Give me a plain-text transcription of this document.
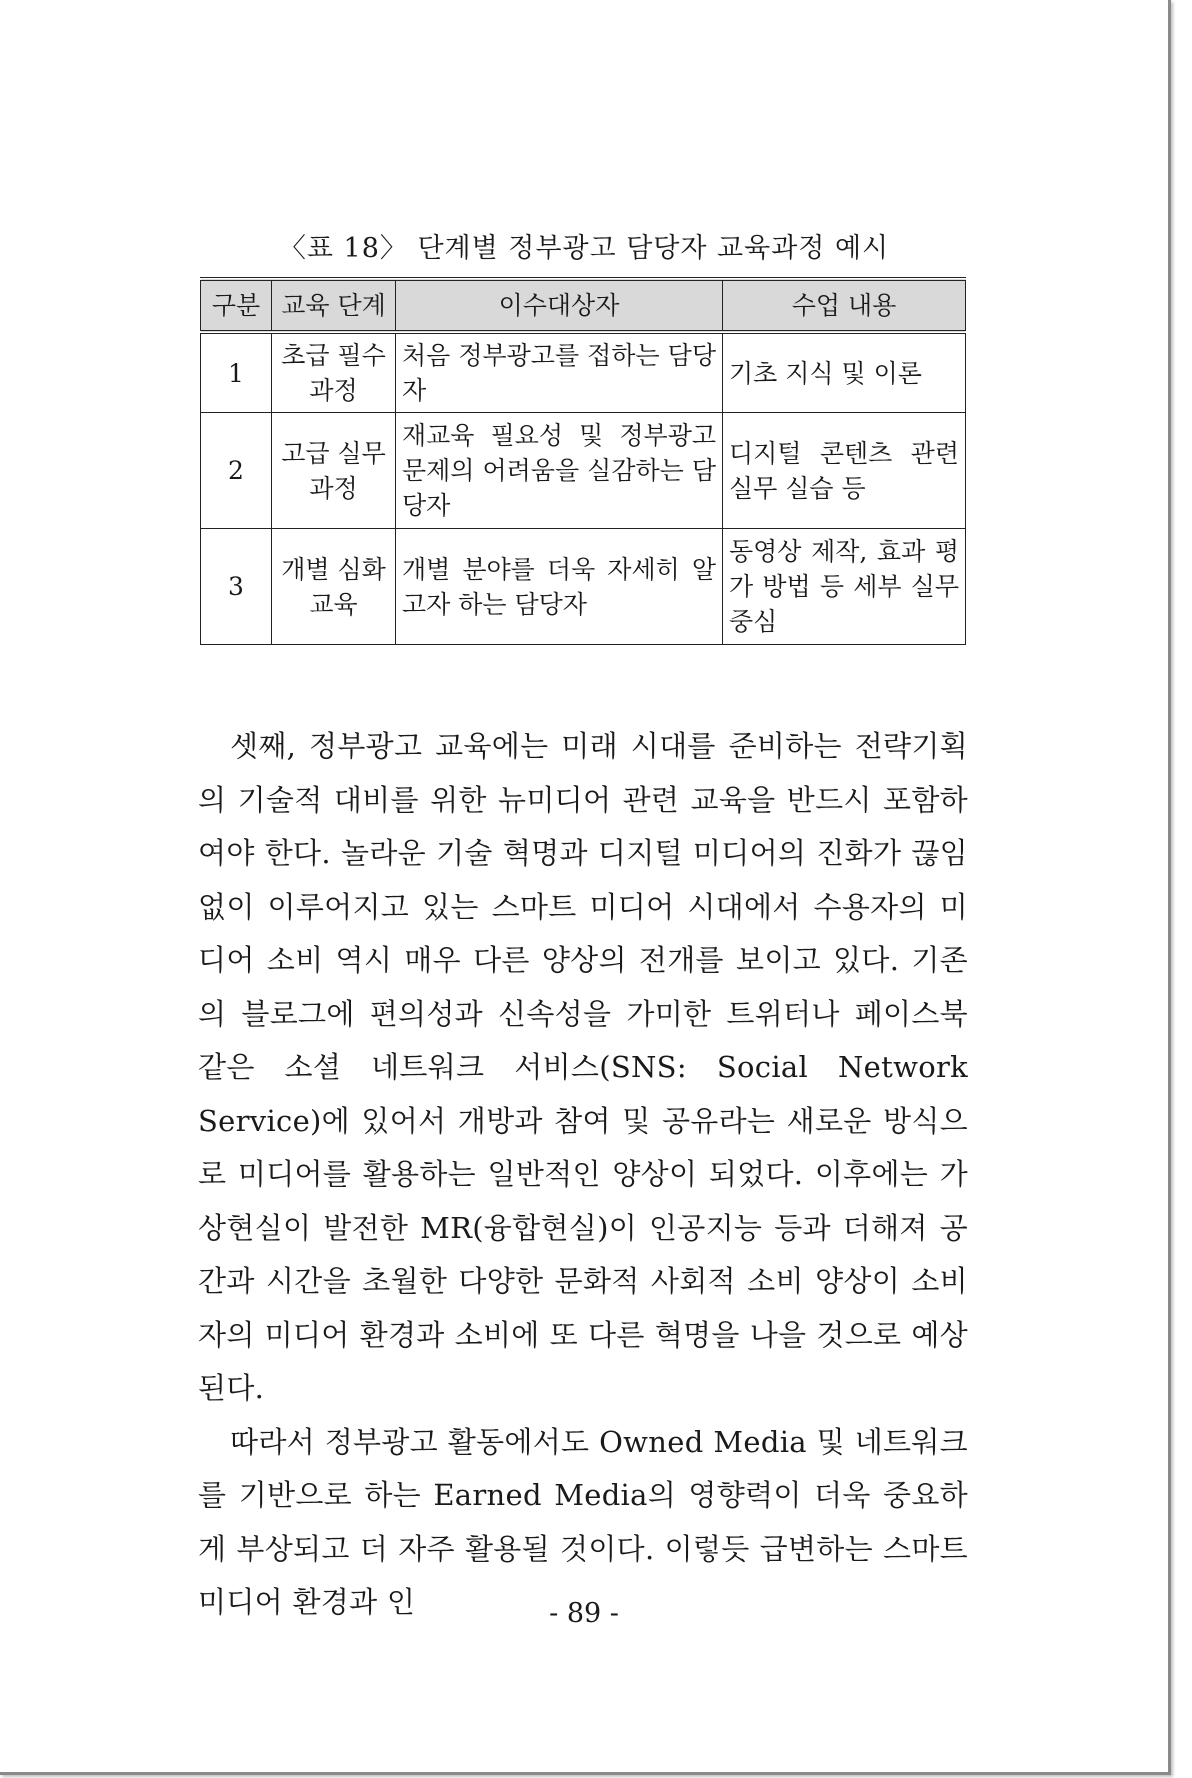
〈표 18〉 단계별 정부광고 담당자 교육과정 예시
구분	교육 단계	이수대상자	수업 내용
1	초급 필수 과정	처음 정부광고를 접하는 담당자	기초 지식 및 이론
2	고급 실무 과정	재교육 필요성 및 정부광고 문제의 어려움을 실감하는 담당자	디지털 콘텐츠 관련 실무 실습 등
3	개별 심화 교육	개별 분야를 더욱 자세히 알고자 하는 담당자	동영상 제작, 효과 평가 방법 등 세부 실무 중심

셋째, 정부광고 교육에는 미래 시대를 준비하는 전략기획의 기술적 대비를 위한 뉴미디어 관련 교육을 반드시 포함하여야 한다. 놀라운 기술 혁명과 디지털 미디어의 진화가 끊임없이 이루어지고 있는 스마트 미디어 시대에서 수용자의 미디어 소비 역시 매우 다른 양상의 전개를 보이고 있다. 기존의 블로그에 편의성과 신속성을 가미한 트위터나 페이스북 같은 소셜 네트워크 서비스(SNS: Social Network Service)에 있어서 개방과 참여 및 공유라는 새로운 방식으로 미디어를 활용하는 일반적인 양상이 되었다. 이후에는 가상현실이 발전한 MR(융합현실)이 인공지능 등과 더해져 공간과 시간을 초월한 다양한 문화적 사회적 소비 양상이 소비자의 미디어 환경과 소비에 또 다른 혁명을 나을 것으로 예상된다.

따라서 정부광고 활동에서도 Owned Media 및 네트워크를 기반으로 하는 Earned Media의 영향력이 더욱 중요하게 부상되고 더 자주 활용될 것이다. 이렇듯 급변하는 스마트미디어 환경과 인	- 89 -
